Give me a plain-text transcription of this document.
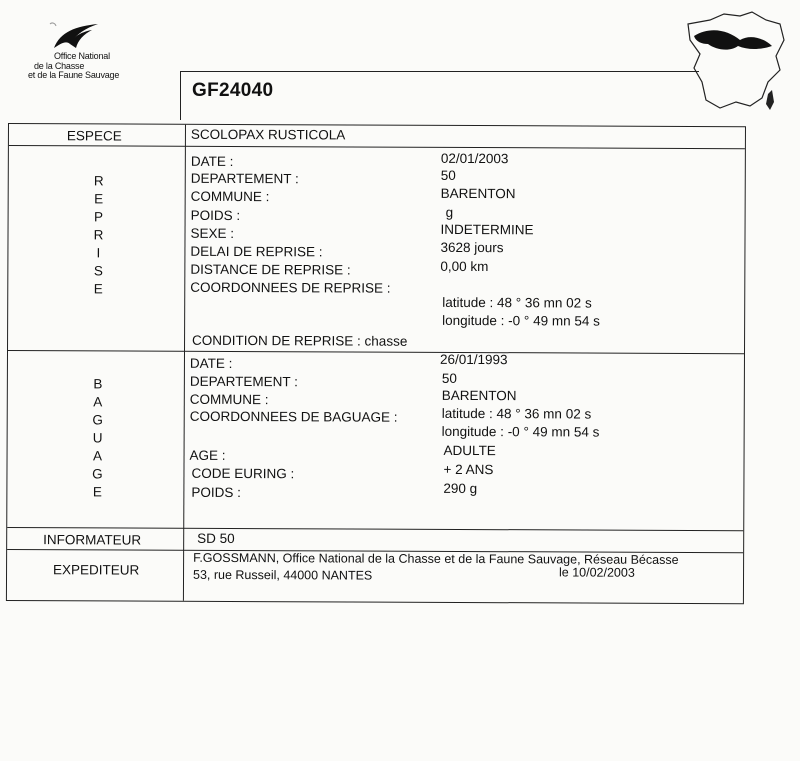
Office National
de la Chasse
et de la Faune Sauvage
GF24040
ESPECE	SCOLOPAX RUSTICOLA
R
E
P
R
I
S
E
DATE :	02/01/2003
DEPARTEMENT :	50
COMMUNE :	BARENTON
POIDS :	g
SEXE :	INDETERMINE
DELAI DE REPRISE :	3628 jours
DISTANCE DE REPRISE :	0,00 km
COORDONNEES DE REPRISE :
latitude : 48 ° 36 mn 02 s
longitude : -0 ° 49 mn 54 s
CONDITION DE REPRISE : chasse
B
A
G
U
A
G
E
DATE :	26/01/1993
DEPARTEMENT :	50
COMMUNE :	BARENTON
COORDONNEES DE BAGUAGE :	latitude : 48 ° 36 mn 02 s
longitude : -0 ° 49 mn 54 s
AGE :	ADULTE
CODE EURING :	+ 2 ANS
POIDS :	290 g
INFORMATEUR	SD 50
EXPEDITEUR
F.GOSSMANN, Office National de la Chasse et de la Faune Sauvage, Réseau Bécasse
53, rue Russeil, 44000 NANTES	le 10/02/2003
